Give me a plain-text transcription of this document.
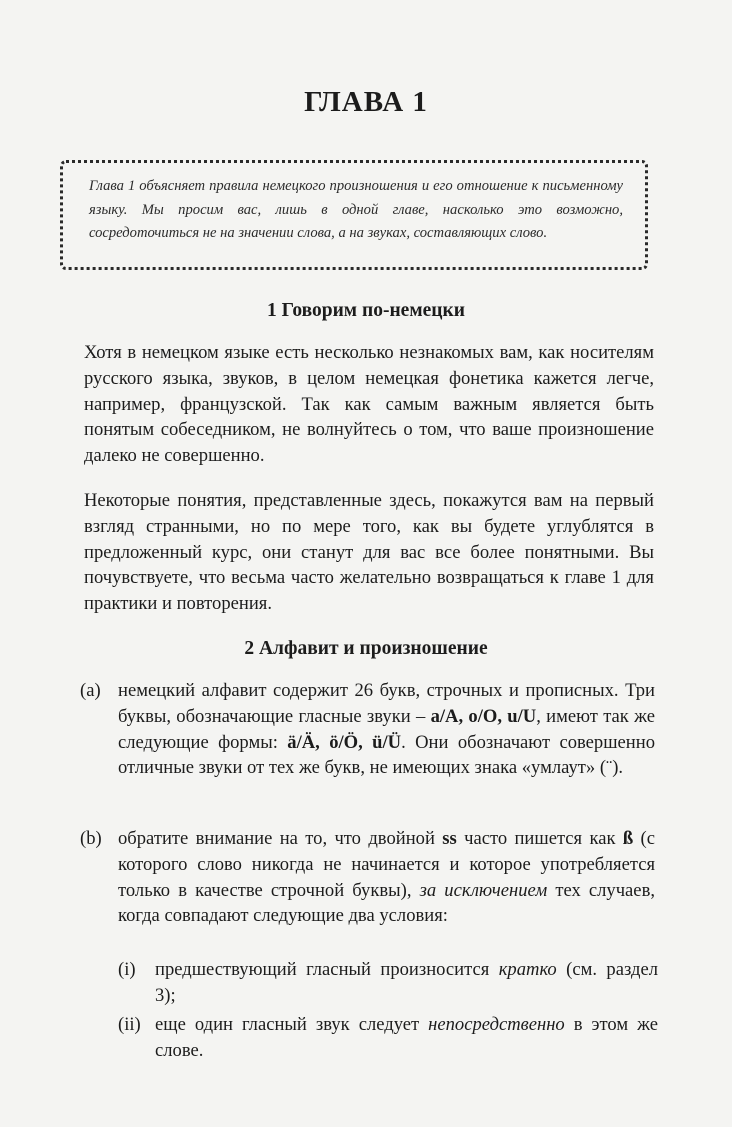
ГЛАВА 1
Глава 1 объясняет правила немецкого произношения и его отношение к письменному языку. Мы просим вас, лишь в одной главе, насколько это возможно, сосредоточиться не на значении слова, а на звуках, составляющих слово.
1 Говорим по-немецки
Хотя в немецком языке есть несколько незнакомых вам, как носителям русского языка, звуков, в целом немецкая фонетика кажется легче, например, французской. Так как самым важным является быть понятым собеседником, не волнуйтесь о том, что ваше произношение далеко не совершенно.
Некоторые понятия, представленные здесь, покажутся вам на первый взгляд странными, но по мере того, как вы будете углублятся в предложенный курс, они станут для вас все более понятными. Вы почувствуете, что весьма часто желательно возвращаться к главе 1 для практики и повторения.
2 Алфавит и произношение
(a) немецкий алфавит содержит 26 букв, строчных и прописных. Три буквы, обозначающие гласные звуки – a/A, o/O, u/U, имеют так же следующие формы: ä/Ä, ö/Ö, ü/Ü. Они обозначают совершенно отличные звуки от тех же букв, не имеющих знака «умлаут» (¨).
(b) обратите внимание на то, что двойной ss часто пишется как ß (с которого слово никогда не начинается и которое употребляется только в качестве строчной буквы), за исключением тех случаев, когда совпадают следующие два условия:
(i) предшествующий гласный произносится кратко (см. раздел 3);
(ii) еще один гласный звук следует непосредственно в этом же слове.
